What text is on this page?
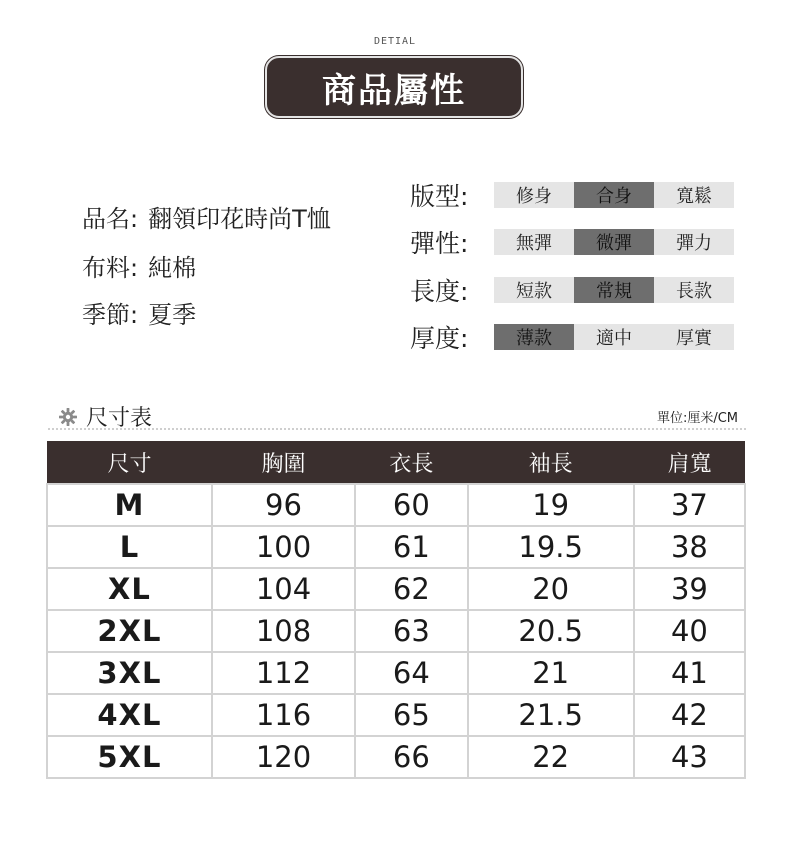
DETIAL
商品屬性
品名: 翻領印花時尚T恤
布料: 純棉
季節: 夏季
版型:	修身	合身	寬鬆
彈性:	無彈	微彈	彈力
長度:	短款	常規	長款
厚度:	薄款	適中	厚實
尺寸表	單位:厘米/CM
尺寸	胸圍	衣長	袖長	肩寬
M	96	60	19	37
L	100	61	19.5	38
XL	104	62	20	39
2XL	108	63	20.5	40
3XL	112	64	21	41
4XL	116	65	21.5	42
5XL	120	66	22	43
